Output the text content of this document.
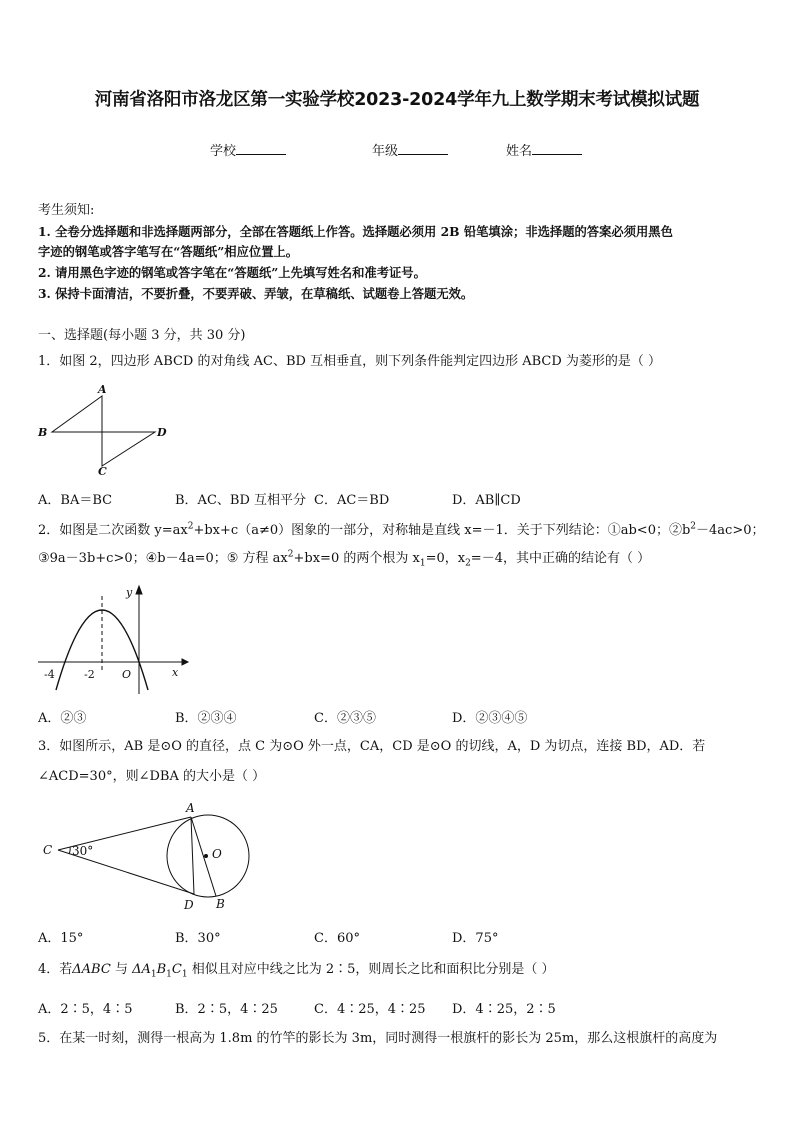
河南省洛阳市洛龙区第一实验学校2023-2024学年九上数学期末考试模拟试题
学校	年级	姓名
考生须知:
1. 全卷分选择题和非选择题两部分，全部在答题纸上作答。选择题必须用 2B 铅笔填涂；非选择题的答案必须用黑色
字迹的钢笔或答字笔写在“答题纸”相应位置上。
2. 请用黑色字迹的钢笔或答字笔在“答题纸”上先填写姓名和准考证号。
3. 保持卡面清洁，不要折叠，不要弄破、弄皱，在草稿纸、试题卷上答题无效。
一、选择题(每小题 3 分，共 30 分)
1．如图 2，四边形 ABCD 的对角线 AC、BD 互相垂直，则下列条件能判定四边形 ABCD 为菱形的是（ ）
A
B
C
D
A．BA＝BC	B．AC、BD 互相平分 C．AC＝BD	D．AB∥CD
2．如图是二次函数 $y=ax^2+bx+c(a\ne 0)$图象的一部分，对称轴是直线 x=－1．关于下列结论：①ab<0；$②b^2-4ac>0$；
③9a－3b+c>0；④b－4a=0；⑤ 方程 $ax^2+bx=0$ 的两个根为 $x_1=0$，$x_2=-4$，其中正确的结论有（ ）
-4	-2 O
y
x
A．②③	B．②③④	C．②③⑤	D．②③④⑤
3．如图所示，AB 是⊙O 的直径，点 C 为⊙O 外一点，CA，CD 是⊙O 的切线，A，D 为切点，连接 BD，AD．若
∠ACD=30°，则∠DBA 的大小是（ ）
A
C 30°	O
D B
A．15°	B．30°	C．60°	D．75°
4．若ΔABC 与 $\Delta A_1B_1C_1$ 相似且对应中线之比为 2∶5，则周长之比和面积比分别是（ ）
A．2∶5，4∶5	B．2∶5，4∶25	C．4∶25，4∶25 D．4∶25，2∶5
5．在某一时刻，测得一根高为 1.8m 的竹竿的影长为 3m，同时测得一根旗杆的影长为 25m，那么这根旗杆的高度为
